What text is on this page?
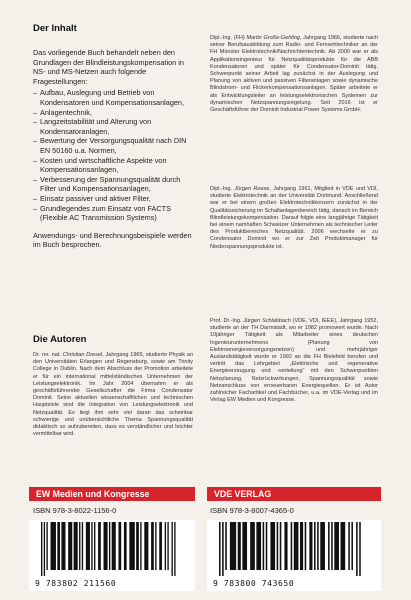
Der Inhalt

Das vorliegende Buch behandelt neben den Grundlagen der Blindleistungskompensation in NS- und MS-Netzen auch folgende Fragestellungen:

– Aufbau, Auslegung und Betrieb von Kondensatoren und Kompensationsanlagen,
– Anlagentechnik,
– Langzeitstabilität und Alterung von Kondensatoranlagen,
– Bewertung der Versorgungsqualität nach DIN EN 50160 u.a. Normen,
– Kosten und wirtschaftliche Aspekte von Kompensationsanlagen,
– Verbesserung der Spannungsqualität durch Filter und Kompensationsanlagen,
– Einsatz passiver und aktiver Filter,
– Grundlegendes zum Einsatz von FACTS (Flexible AC Transmission Systems)

Anwendungs- und Berechnungsbeispiele werden im Buch besprochen.

Die Autoren

Dr. rer. nat. Christian Dresel, Jahrgang 1965, studierte Physik an den Universitäten Erlangen und Regensburg, sowie am Trinity College in Dublin. Nach dem Abschluss der Promotion arbeitete er für ein international mittelständisches Unternehmen der Leistungselektronik. Im Jahr 2004 übernahm er als geschäftsführender Gesellschafter die Firma Condensator Dominit. Seine aktuellen wissenschaftlichen und technischen Hauptziele sind die Integration von Leistungselektronik und Netzqualität. Es liegt ihm sehr viel daran das scheinbar schwierige und unübersichtliche Thema Spannungsqualität didaktisch so aufzubereiten, dass es verständlicher und leichter vermittelbar wird.

Dipl.-Ing. (FH) Martin Große-Gehling, Jahrgang 1966, studierte nach seiner Berufsausbildung zum Radio- und Fernsehtechniker an der FH Münster Elektrotechnik/Nachrichtentechnik. Ab 2000 war er als Applikationsingenieur für Netzqualitätsprodukte für die ABB Kondensatoren und später für Condensator-Dominit tätig. Schwerpunkt seiner Arbeit lag zunächst in der Auslegung und Planung von aktiven und passiven Filteranlagen sowie dynamische Blindstrom- und Flickerkompensationsanlagen. Später arbeitete er als Entwicklungsleiter an leistungselektronischen Systemen zur dynamischen Netzspannungsregelung. Seit 2016 ist er Geschäftsführer der Dominit Industrial Power Systems GmbH.

Dipl.-Ing. Jürgen Reese, Jahrgang 1961, Mitglied in VDE und VDI, studierte Elektrotechnik an der Universität Dortmund. Anschließend war er bei einem großen Elektrotechnikkonzern zunächst in der Qualitätssicherung im Schaltanlagenbereich tätig, danach im Bereich Blindleistungskompensation. Darauf folgte eine langjährige Tätigkeit bei einem namhaften Schweizer Unternehmen als technischer Leiter des Produktbereiches Netzqualität. 2006 wechselte er zu Condensator Dominit wo er zur Zeit Produktmanager für Niederspannungsprodukte ist.

Prof. Dr.-Ing. Jürgen Schlabbach (VDE, VDI, IEEE), Jahrgang 1952, studierte an der TH Darmstadt, wo er 1982 promoviert wurde. Nach 10jähriger Tätigkeit als Mitarbeiter eines deutschen Ingenieurunternehmens (Planung von Elektroenergieversorgungsnetzen) und mehrjähriger Auslandstätigkeit wurde er 1992 an die FH Bielefeld berufen und vertritt das Lehrgebiet „Elektrische und regenerative Energieerzeugung und -verteilung“ mit den Schwerpunkten Netzplanung, Netzrückwirkungen, Spannungsqualität sowie Netzanschluss von erneuerbaren Energiequellen. Er ist Autor zahlreicher Fachartikel und Fachbücher, u.a. im VDE-Verlag und im Verlag EW Medien und Kongresse.

EW Medien und Kongresse	VDE VERLAG
ISBN 978-3-8022-1156-0	ISBN 978-3-8007-4365-0
9 783802 211560	9 783800 743650
